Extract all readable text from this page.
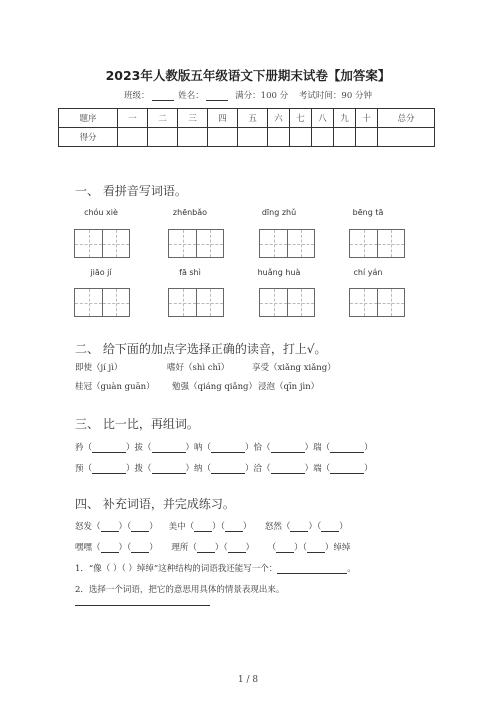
2023年人教版五年级语文下册期末试卷【加答案】
班级：	姓名：	满分：100 分 考试时间：90 分钟
题序	一	二	三	四	五	六	七	八	九	十	总分
得分											
一、 看拼音写词语。
chóu xiè	zhēnbǎo	dīng zhǔ	bēng tā
jiāo jí	fā shì	huǎng huà	chí yán
二、 给下面的加点字选择正确的读音，打上√。
即使（jí jì）	嗜好（shì chī）	享受（xiǎng xiǎng）
桂冠（guàn guān） 勉强（qiáng qiǎng） 浸泡（qīn jìn）
三、 比一比，再组词。
矜（	）拔（	）呐（	）恰（	）瑞（	）
预（	）拨（	）纳（	）洽（	）端（	）
四、 补充词语，并完成练习。
怒发（ ）（ ） 美中（ ）（ ） 怒然（ ）（ ）
嘿嘿（ ）（ ） 理所（ ）（ ） （ ）（ ）绰绰
1．“像（ ）（ ）绰绰”这种结构的词语我还能写一个：	。
2．选择一个词语，把它的意思用具体的情景表现出来。
1 / 8
